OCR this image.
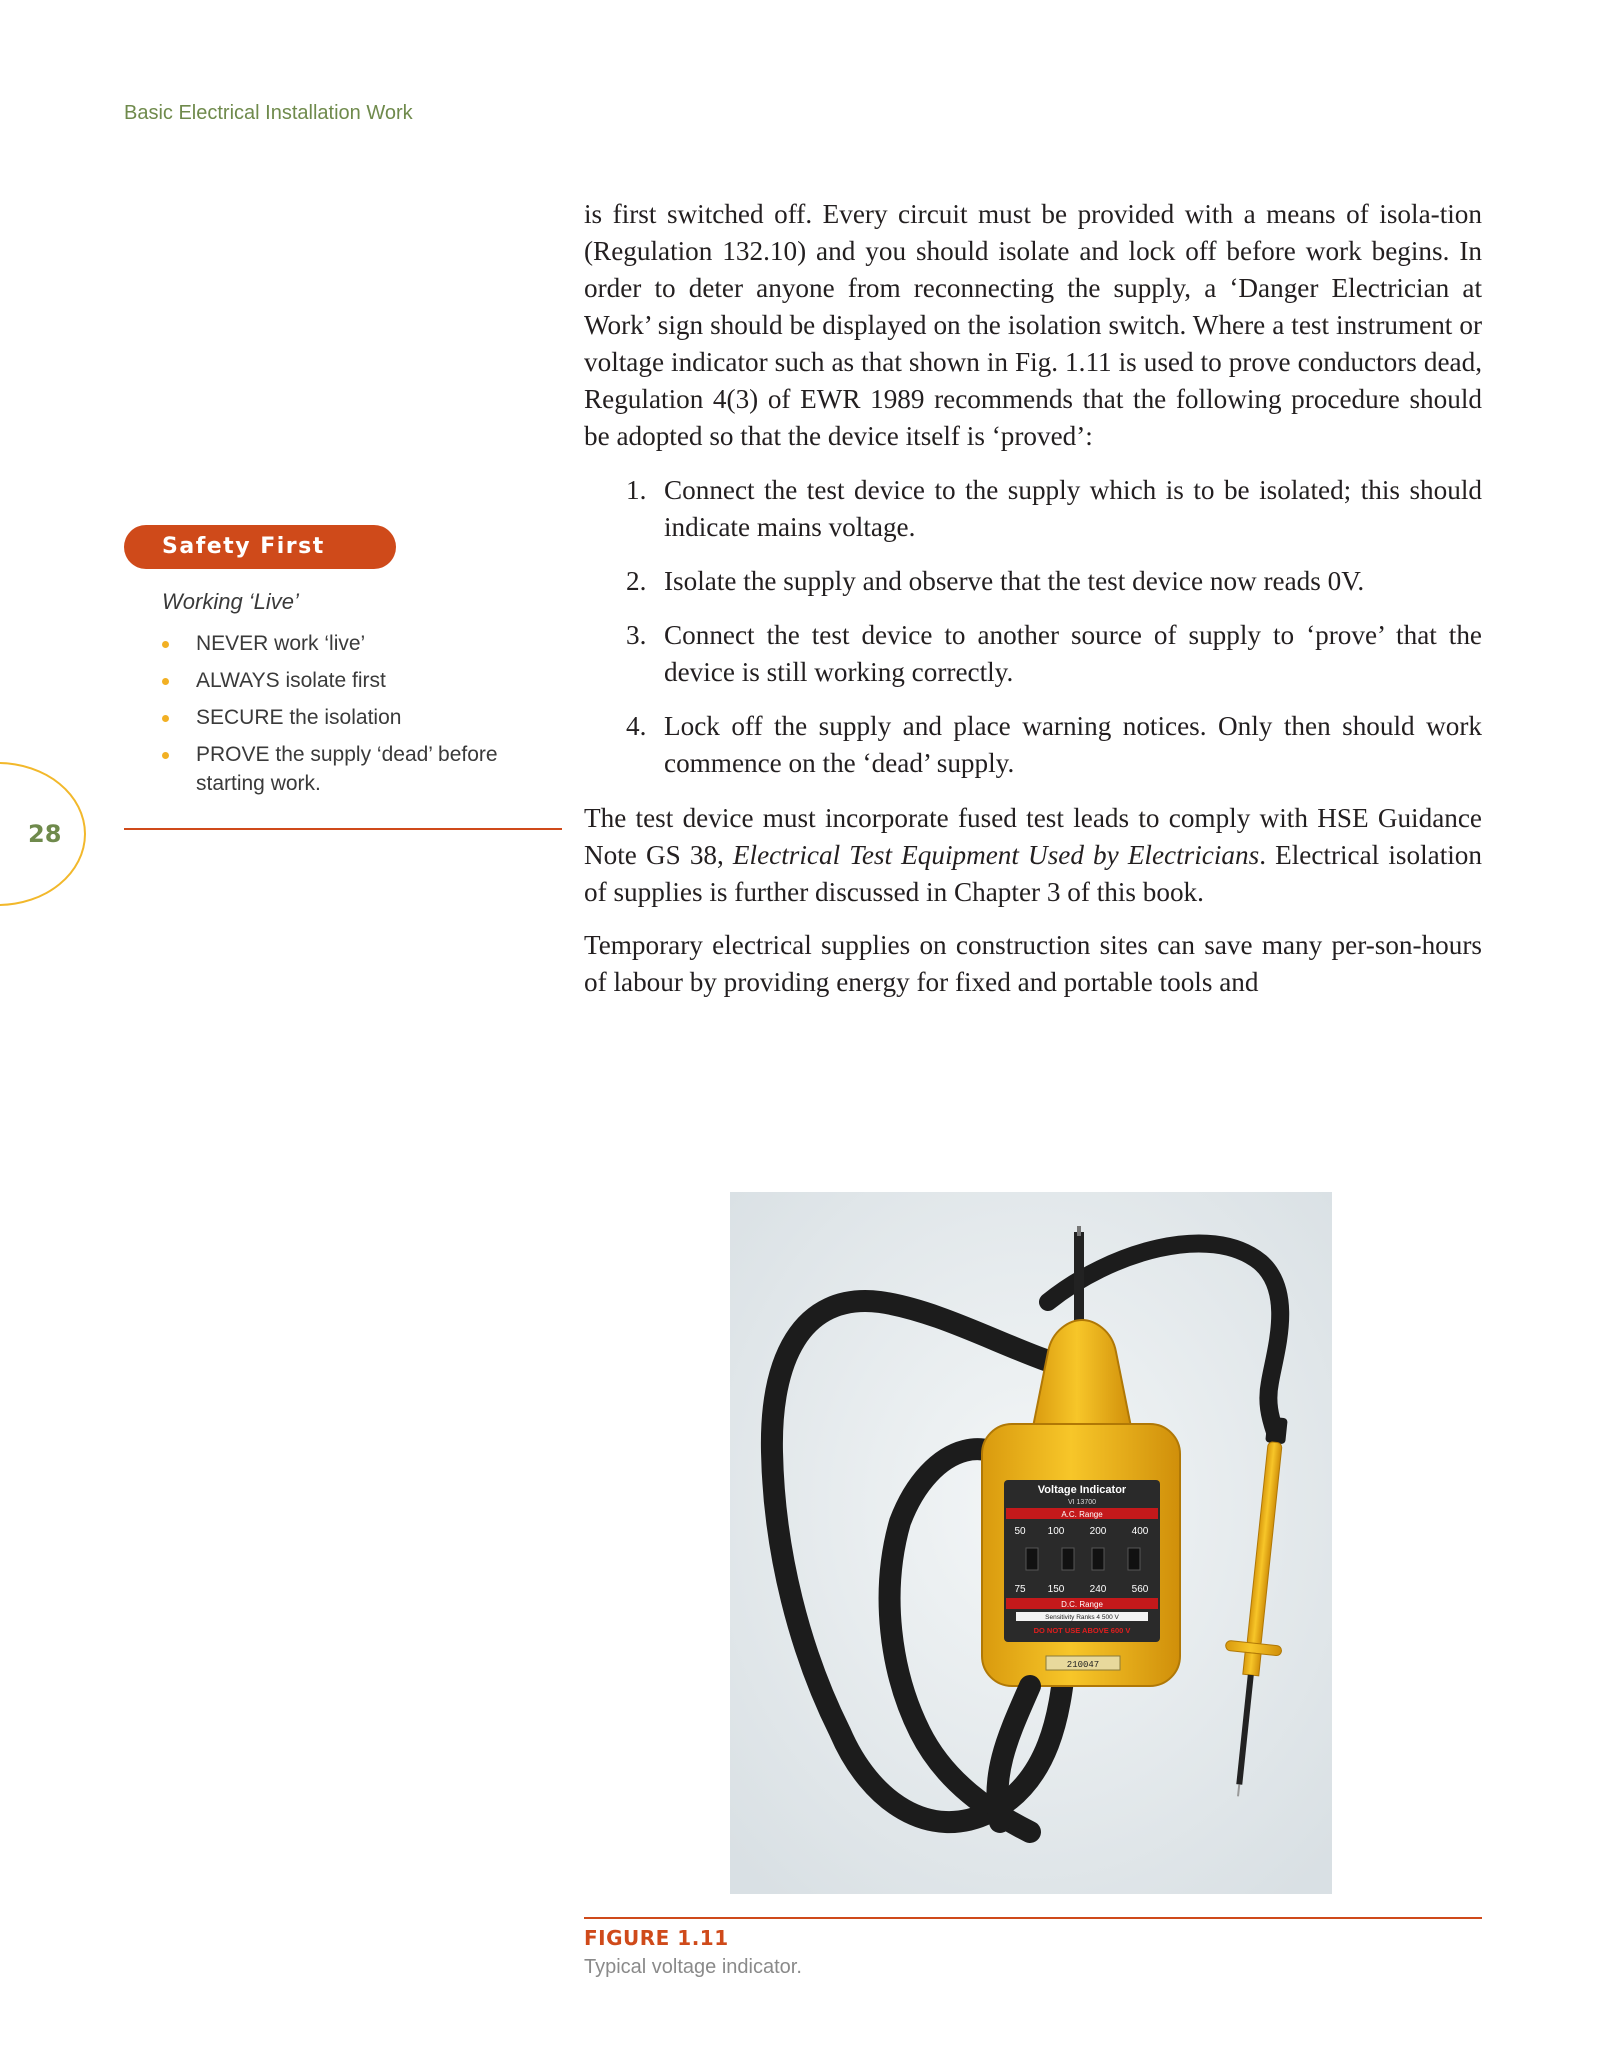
Basic Electrical Installation Work
28

is first switched off. Every circuit must be provided with a means of isola-tion (Regulation 132.10) and you should isolate and lock off before work begins. In order to deter anyone from reconnecting the supply, a ‘Danger Electrician at Work’ sign should be displayed on the isolation switch. Where a test instrument or voltage indicator such as that shown in Fig. 1.11 is used to prove conductors dead, Regulation 4(3) of EWR 1989 recommends that the following procedure should be adopted so that the device itself is ‘proved’:

1. Connect the test device to the supply which is to be isolated; this should indicate mains voltage.
2. Isolate the supply and observe that the test device now reads 0V.
3. Connect the test device to another source of supply to ‘prove’ that the device is still working correctly.
4. Lock off the supply and place warning notices. Only then should work commence on the ‘dead’ supply.

The test device must incorporate fused test leads to comply with HSE Guidance Note GS 38, Electrical Test Equipment Used by Electricians. Electrical isolation of supplies is further discussed in Chapter 3 of this book.

Temporary electrical supplies on construction sites can save many per-son-hours of labour by providing energy for fixed and portable tools and

Safety First
Working ‘Live’
NEVER work ‘live’
ALWAYS isolate first
SECURE the isolation
PROVE the supply ‘dead’ before starting work.
Voltage Indicator
VI 13700
A.C. Range
50 100	200	400
75 150	240	560
D.C. Range
Sensitivity Ranks 4 500 V
DO NOT USE ABOVE 600 V
210047
FIGURE 1.11
Typical voltage indicator.
